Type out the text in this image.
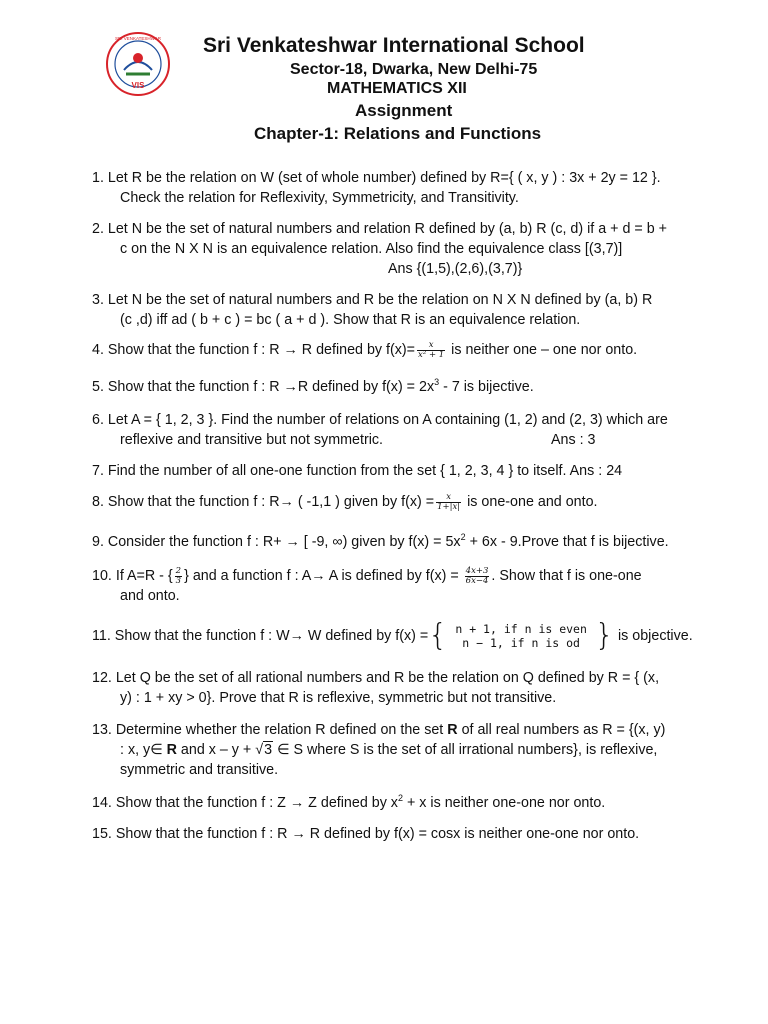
VIS
SRI VENKATESHWAR Sri Venkateshwar International School
Sector-18, Dwarka, New Delhi-75
MATHEMATICS XII
Assignment
Chapter-1: Relations and Functions
1. Let R be the relation on W (set of whole number) defined by R={ ( x, y ) : 3x + 2y = 12 }.
Check the relation for Reflexivity, Symmetricity, and Transitivity.
2. Let N be the set of natural numbers and relation R defined by (a, b) R (c, d) if a + d = b +
c on the N X N is an equivalence relation. Also find the equivalence class [(3,7)]
Ans {(1,5),(2,6),(3,7)}
3. Let N be the set of natural numbers and R be the relation on N X N defined by (a, b) R
(c ,d) iff ad ( b + c ) = bc ( a + d ). Show that R is an equivalence relation.
4. Show that the function f : R → R defined by $f(x)= \frac{x}{\text{x² + 1}}$ is neither one – one nor onto.
5. Show that the function f : R →R defined by $f(x) = 2x^3 - 7$ is bijective.
6. Let A = { 1, 2, 3 }. Find the number of relations on A containing (1, 2) and (2, 3) which are
reflexive and transitive but not symmetric.	Ans : 3
7. Find the number of all one-one function from the set { 1, 2, 3, 4 } to itself. Ans : 24
8. Show that the function f : R→ ( -1,1 ) given by $f(x) = \frac{x}{1+|x|}$ is one-one and onto.
9. Consider the function f : R+ → [ -9, ∞) given by $f(x) = 5x^2 + 6x$ - 9.Prove that f is bijective.
10. If A=R - { $\frac{2}{3}$ } and a function f : A→ A is defined by $f(x) = \frac{4x+3}{6x-4}$ . Show that f is one-one
and onto.
11. Show that the function f : W→ W defined by f(x) ={ n + 1, if n is even
n − 1, if n is od } is objective.
12. Let Q be the set of all rational numbers and R be the relation on Q defined by R = { (x,
y) : 1 + xy > 0}. Prove that R is reflexive, symmetric but not transitive.
13. Determine whether the relation R defined on the set R of all real numbers as R = {(x, y)
: x, y∈ R and x – y + √3 ∈ S where S is the set of all irrational numbers}, is reflexive,
symmetric and transitive.
14. Show that the function f : Z → Z defined by $x^2 + x$ is neither one-one nor onto.
15. Show that the function f : R → R defined by f(x) = cosx is neither one-one nor onto.
